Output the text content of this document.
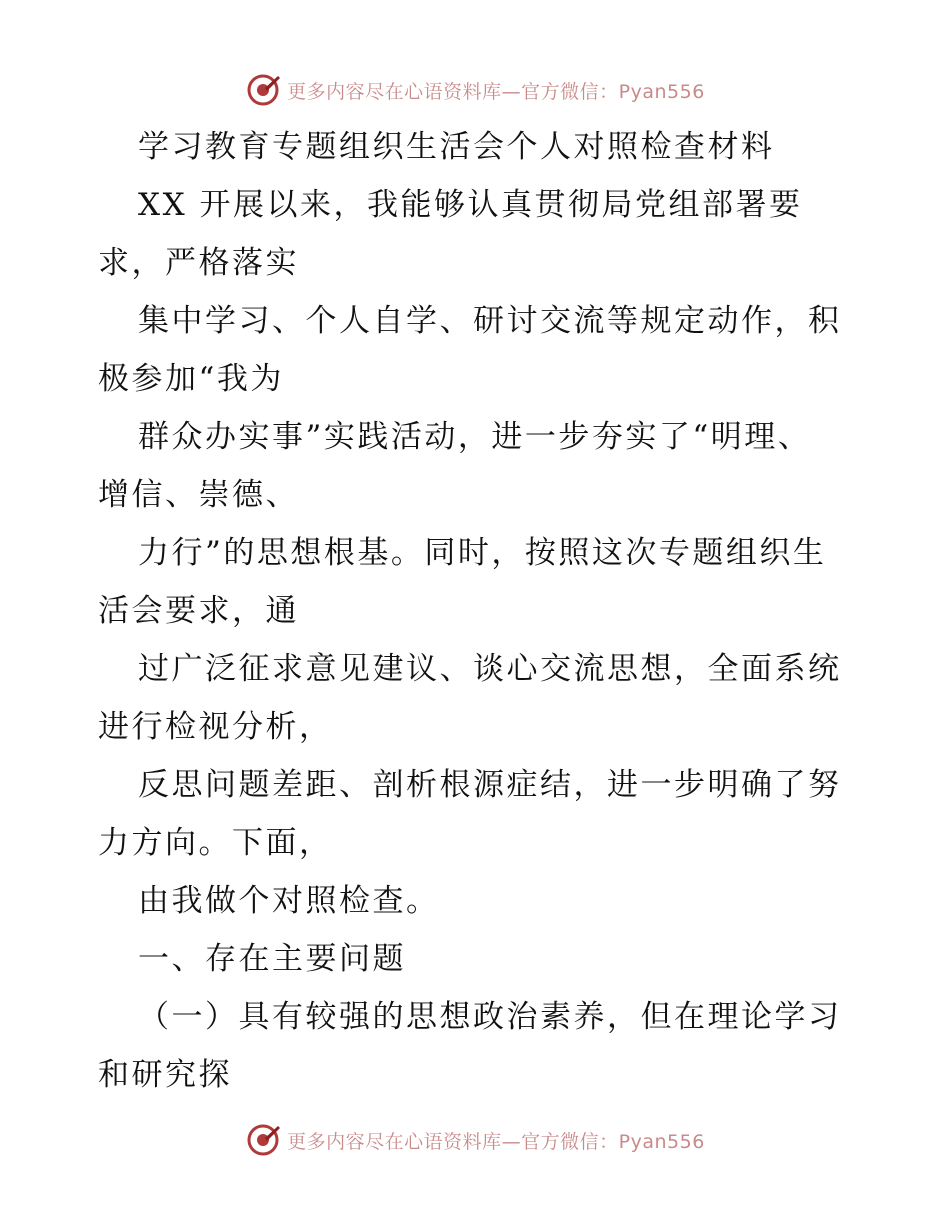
更多内容尽在心语资料库—官方微信：Pyan556
学习教育专题组织生活会个人对照检查材料
XX 开展以来，我能够认真贯彻局党组部署要
求，严格落实
集中学习、个人自学、研讨交流等规定动作，积
极参加“我为
群众办实事”实践活动，进一步夯实了“明理、
增信、崇德、
力行”的思想根基。同时，按照这次专题组织生
活会要求，通
过广泛征求意见建议、谈心交流思想，全面系统
进行检视分析，
反思问题差距、剖析根源症结，进一步明确了努
力方向。下面，
由我做个对照检查。
一、存在主要问题
（一）具有较强的思想政治素养，但在理论学习
和研究探
更多内容尽在心语资料库—官方微信：Pyan556
